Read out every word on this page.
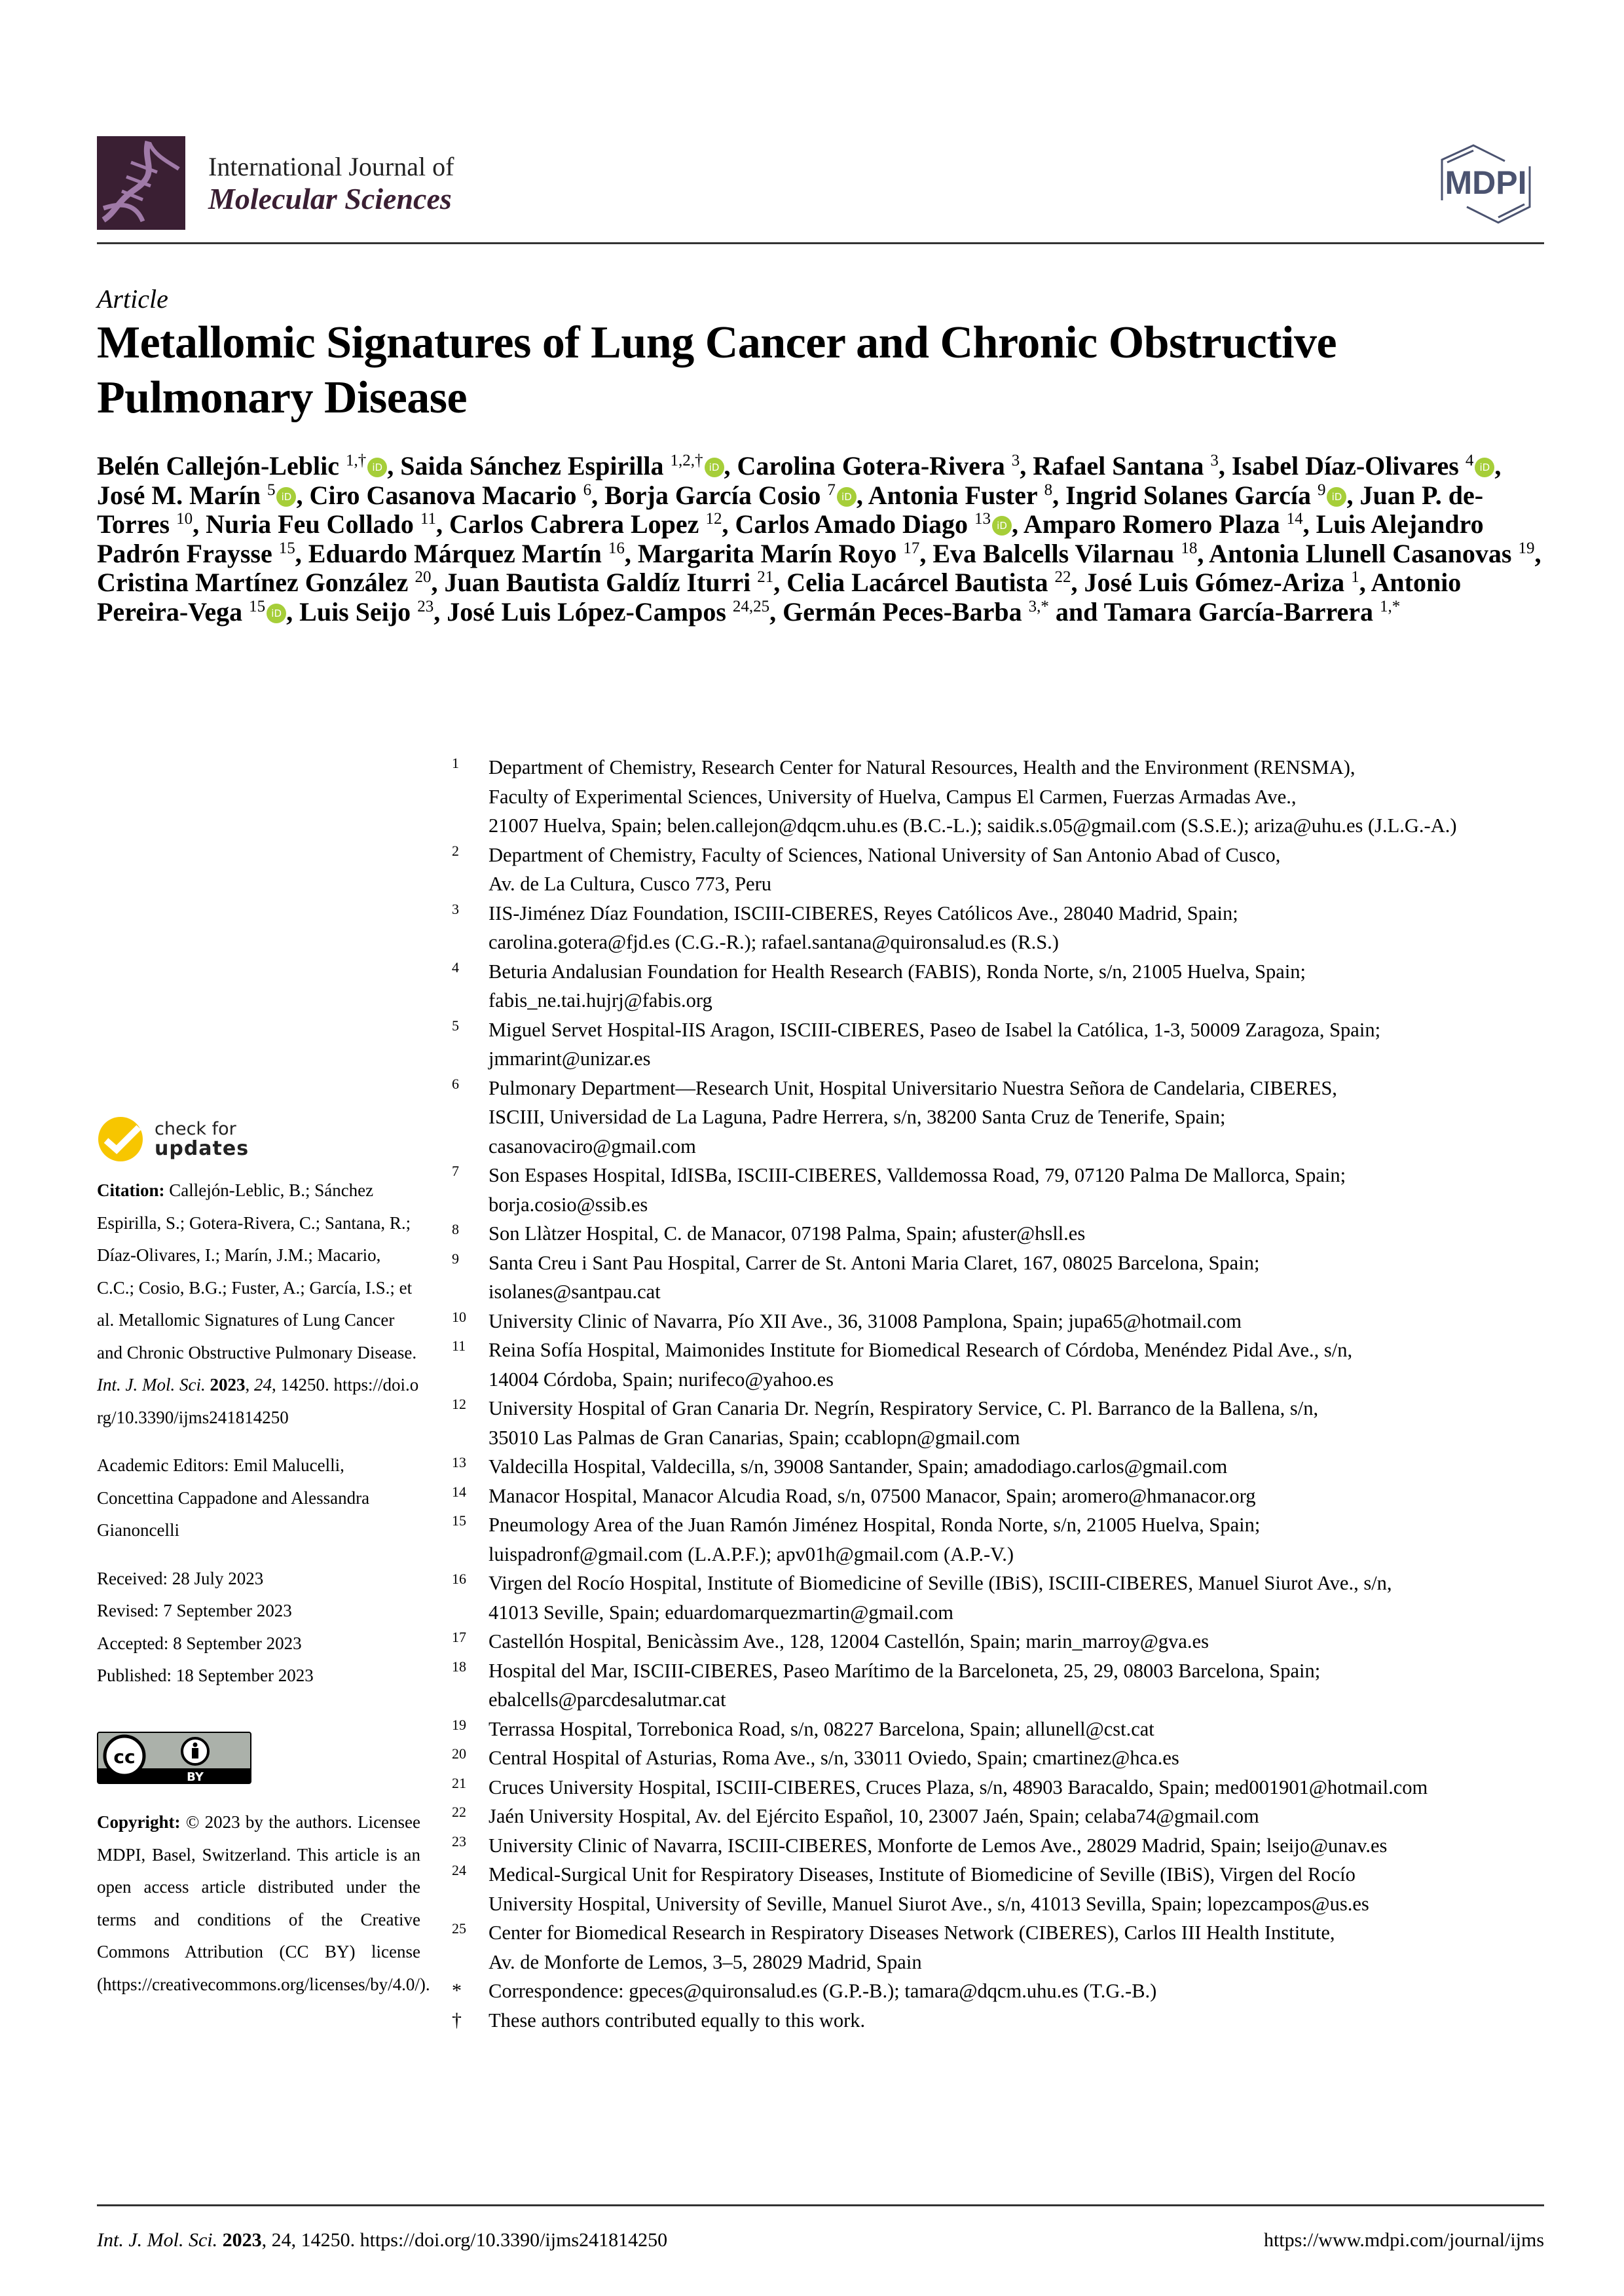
International Journal of
Molecular Sciences	MDPI
Article
Metallomic Signatures of Lung Cancer and Chronic Obstructive Pulmonary Disease
Belén Callejón-Leblic $^{1,\dagger}$ iD , Saida Sánchez Espirilla $^{1,2,\dagger}$ iD , Carolina Gotera-Rivera $^3$, Rafael Santana $^3$, Isabel Díaz-Olivares $^4$ iD , José M. Marín $^5$ iD , Ciro Casanova Macario $^6$, Borja García Cosio $^7$ iD , Antonia Fuster $^8$, Ingrid Solanes García $^9$ iD , Juan P. de-Torres $^{10}$, Nuria Feu Collado $^{11}$, Carlos Cabrera Lopez $^{12}$, Carlos Amado Diago $^{13}$ iD , Amparo Romero Plaza $^{14}$, Luis Alejandro Padrón Fraysse $^{15}$, Eduardo Márquez Martín $^{16}$, Margarita Marín Royo $^{17}$, Eva Balcells Vilarnau $^{18}$, Antonia Llunell Casanovas $^{19}$, Cristina Martínez González $^{20}$, Juan Bautista Galdíz Iturri $^{21}$, Celia Lacárcel Bautista $^{22}$, José Luis Gómez-Ariza $^1$, Antonio Pereira-Vega $^{15}$ iD , Luis Seijo $^{23}$, José Luis López-Campos $^{24,25}$, Germán Peces-Barba $^{3,*}$ and Tamara García-Barrera $^{1,*}$
1 Department of Chemistry, Research Center for Natural Resources, Health and the Environment (RENSMA),
Faculty of Experimental Sciences, University of Huelva, Campus El Carmen, Fuerzas Armadas Ave.,
21007 Huelva, Spain; belen.callejon@dqcm.uhu.es (B.C.-L.); saidik.s.05@gmail.com (S.S.E.); ariza@uhu.es (J.L.G.-A.)
2 Department of Chemistry, Faculty of Sciences, National University of San Antonio Abad of Cusco,
Av. de La Cultura, Cusco 773, Peru
3 IIS-Jiménez Díaz Foundation, ISCIII-CIBERES, Reyes Católicos Ave., 28040 Madrid, Spain;
carolina.gotera@fjd.es (C.G.-R.); rafael.santana@quironsalud.es (R.S.)
4 Beturia Andalusian Foundation for Health Research (FABIS), Ronda Norte, s/n, 21005 Huelva, Spain;
fabis_ne.tai.hujrj@fabis.org
5 Miguel Servet Hospital-IIS Aragon, ISCIII-CIBERES, Paseo de Isabel la Católica, 1-3, 50009 Zaragoza, Spain;
jmmarint@unizar.es
6 Pulmonary Department—Research Unit, Hospital Universitario Nuestra Señora de Candelaria, CIBERES,
ISCIII, Universidad de La Laguna, Padre Herrera, s/n, 38200 Santa Cruz de Tenerife, Spain;
casanovaciro@gmail.com
7 Son Espases Hospital, IdISBa, ISCIII-CIBERES, Valldemossa Road, 79, 07120 Palma De Mallorca, Spain;
borja.cosio@ssib.es
8 Son Llàtzer Hospital, C. de Manacor, 07198 Palma, Spain; afuster@hsll.es
9 Santa Creu i Sant Pau Hospital, Carrer de St. Antoni Maria Claret, 167, 08025 Barcelona, Spain;
isolanes@santpau.cat
10 University Clinic of Navarra, Pío XII Ave., 36, 31008 Pamplona, Spain; jupa65@hotmail.com
11 Reina Sofía Hospital, Maimonides Institute for Biomedical Research of Córdoba, Menéndez Pidal Ave., s/n,
14004 Córdoba, Spain; nurifeco@yahoo.es
12 University Hospital of Gran Canaria Dr. Negrín, Respiratory Service, C. Pl. Barranco de la Ballena, s/n,
35010 Las Palmas de Gran Canarias, Spain; ccablopn@gmail.com
13 Valdecilla Hospital, Valdecilla, s/n, 39008 Santander, Spain; amadodiago.carlos@gmail.com
14 Manacor Hospital, Manacor Alcudia Road, s/n, 07500 Manacor, Spain; aromero@hmanacor.org
15 Pneumology Area of the Juan Ramón Jiménez Hospital, Ronda Norte, s/n, 21005 Huelva, Spain;
luispadronf@gmail.com (L.A.P.F.); apv01h@gmail.com (A.P.-V.)
16 Virgen del Rocío Hospital, Institute of Biomedicine of Seville (IBiS), ISCIII-CIBERES, Manuel Siurot Ave., s/n,
41013 Seville, Spain; eduardomarquezmartin@gmail.com
17 Castellón Hospital, Benicàssim Ave., 128, 12004 Castellón, Spain; marin_marroy@gva.es
18 Hospital del Mar, ISCIII-CIBERES, Paseo Marítimo de la Barceloneta, 25, 29, 08003 Barcelona, Spain;
ebalcells@parcdesalutmar.cat
19 Terrassa Hospital, Torrebonica Road, s/n, 08227 Barcelona, Spain; allunell@cst.cat
20 Central Hospital of Asturias, Roma Ave., s/n, 33011 Oviedo, Spain; cmartinez@hca.es
21 Cruces University Hospital, ISCIII-CIBERES, Cruces Plaza, s/n, 48903 Baracaldo, Spain; med001901@hotmail.com
22 Jaén University Hospital, Av. del Ejército Español, 10, 23007 Jaén, Spain; celaba74@gmail.com
23 University Clinic of Navarra, ISCIII-CIBERES, Monforte de Lemos Ave., 28029 Madrid, Spain; lseijo@unav.es
24 Medical-Surgical Unit for Respiratory Diseases, Institute of Biomedicine of Seville (IBiS), Virgen del Rocío
University Hospital, University of Seville, Manuel Siurot Ave., s/n, 41013 Sevilla, Spain; lopezcampos@us.es
25 Center for Biomedical Research in Respiratory Diseases Network (CIBERES), Carlos III Health Institute,
Av. de Monforte de Lemos, 3–5, 28029 Madrid, Spain
* Correspondence: gpeces@quironsalud.es (G.P.-B.); tamara@dqcm.uhu.es (T.G.-B.)
† These authors contributed equally to this work.
check for
updates
Citation: Callejón-Leblic, B.; Sánchez Espirilla, S.; Gotera-Rivera, C.; Santana, R.; Díaz-Olivares, I.; Marín, J.M.; Macario, C.C.; Cosio, B.G.; Fuster, A.; García, I.S.; et al. Metallomic Signatures of Lung Cancer and Chronic Obstructive Pulmonary Disease. Int. J. Mol. Sci. 2023, 24, 14250. https://doi.org/10.3390/ijms241814250
Academic Editors: Emil Malucelli, Concettina Cappadone and Alessandra Gianoncelli
Received: 28 July 2023
Revised: 7 September 2023
Accepted: 8 September 2023
Published: 18 September 2023
cc
BY
Copyright: © 2023 by the authors. Licensee MDPI, Basel, Switzerland. This article is an open access article distributed under the terms and conditions of the Creative Commons Attribution (CC BY) license (https://creativecommons.org/licenses/by/4.0/).
Int. J. Mol. Sci. 2023, 24, 14250. https://doi.org/10.3390/ijms241814250	https://www.mdpi.com/journal/ijms
